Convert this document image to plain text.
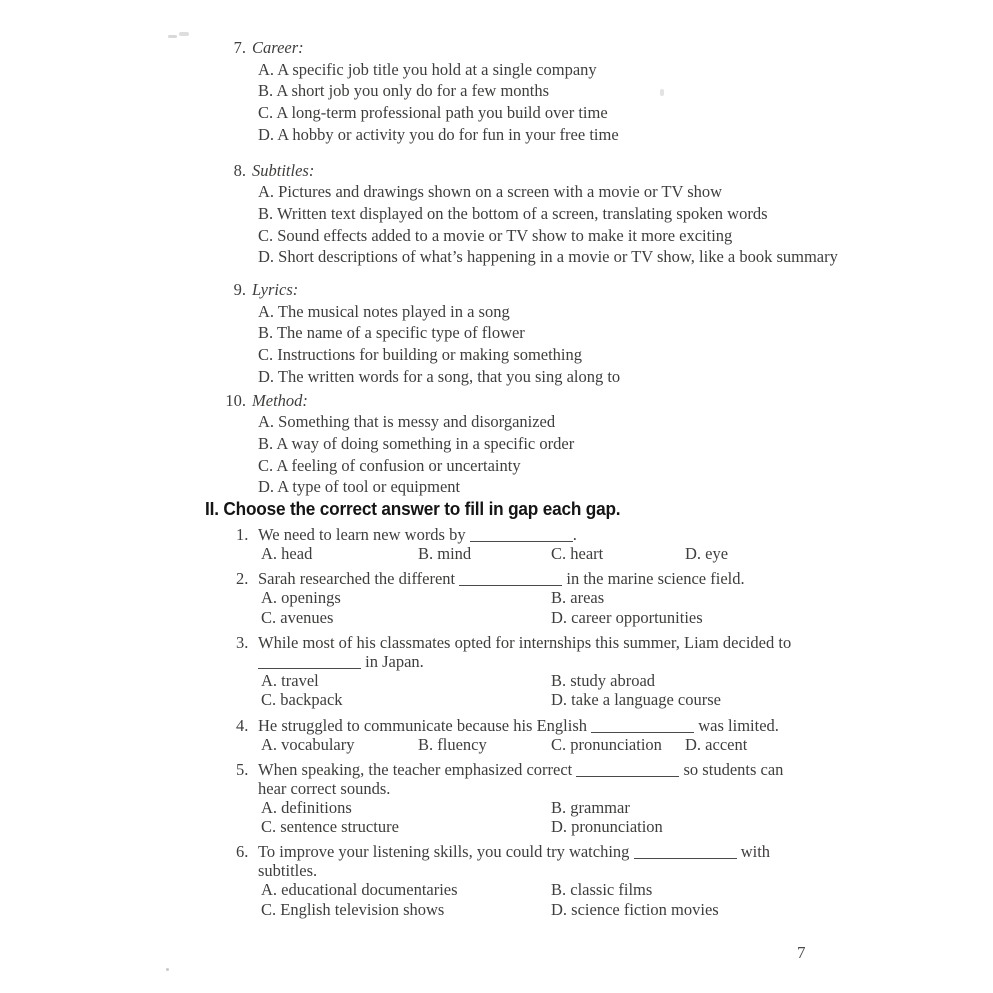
7. Career:
A. A specific job title you hold at a single company
B. A short job you only do for a few months
C. A long-term professional path you build over time
D. A hobby or activity you do for fun in your free time
8. Subtitles:
A. Pictures and drawings shown on a screen with a movie or TV show
B. Written text displayed on the bottom of a screen, translating spoken words
C. Sound effects added to a movie or TV show to make it more exciting
D. Short descriptions of what’s happening in a movie or TV show, like a book summary
9. Lyrics:
A. The musical notes played in a song
B. The name of a specific type of flower
C. Instructions for building or making something
D. The written words for a song, that you sing along to
10. Method:
A. Something that is messy and disorganized
B. A way of doing something in a specific order
C. A feeling of confusion or uncertainty
D. A type of tool or equipment
II. Choose the correct answer to fill in gap each gap.
1. We need to learn new words by	.
A. head	B. mind	C. heart	D. eye
2. Sarah researched the different	in the marine science field.
A. openings	B. areas
C. avenues	D. career opportunities
3. While most of his classmates opted for internships this summer, Liam decided to
in Japan.
A. travel	B. study abroad
C. backpack	D. take a language course
4. He struggled to communicate because his English	was limited.
A. vocabulary	B. fluency	C. pronunciation	D. accent
5. When speaking, the teacher emphasized correct	so students can
hear correct sounds.
A. definitions	B. grammar
C. sentence structure	D. pronunciation
6. To improve your listening skills, you could try watching	with
subtitles.
A. educational documentaries	B. classic films
C. English television shows	D. science fiction movies
7
